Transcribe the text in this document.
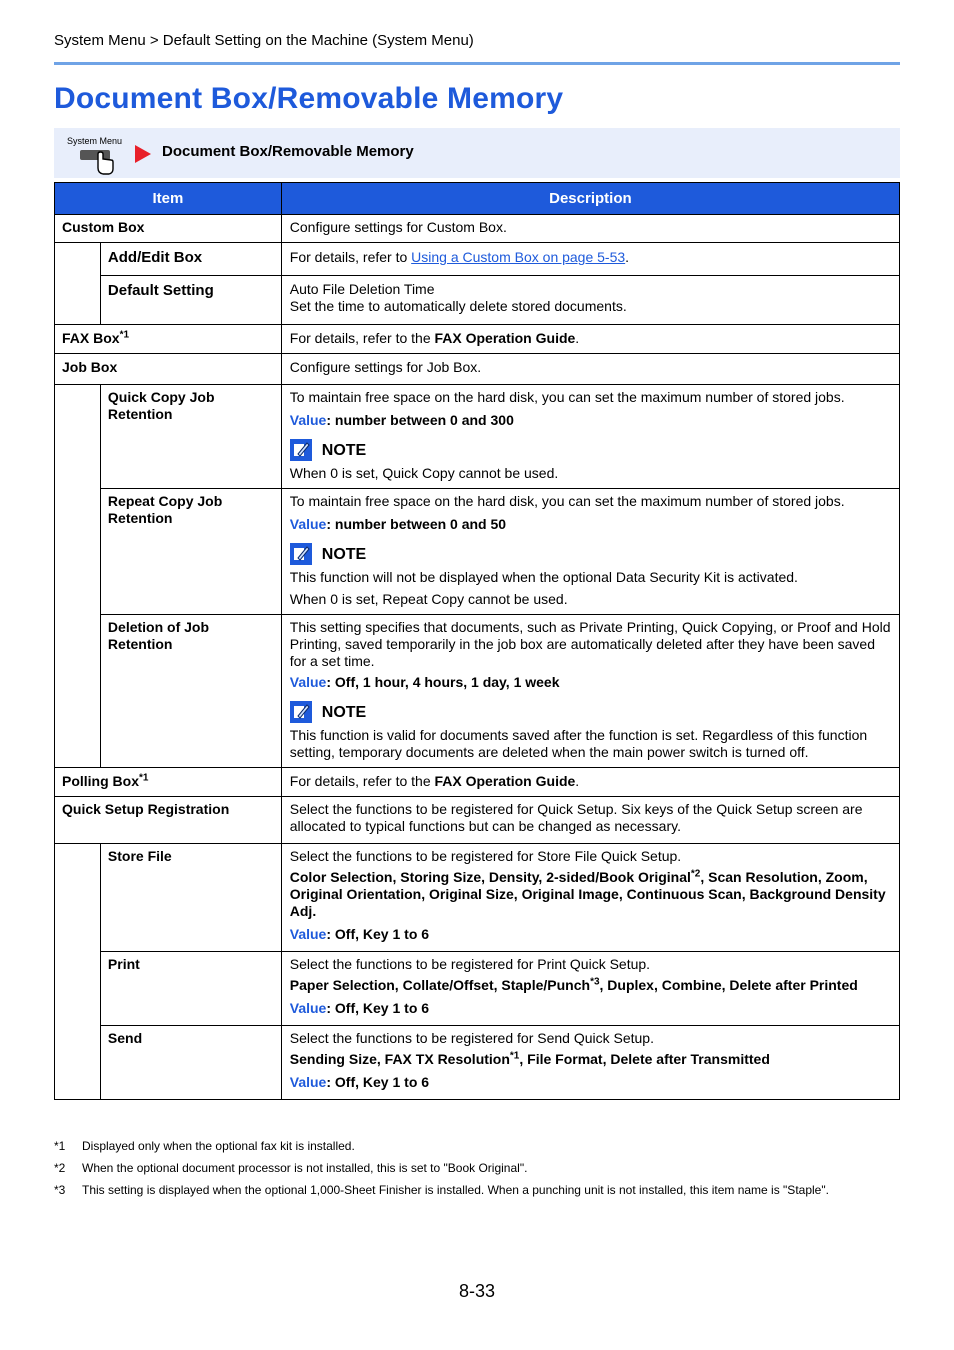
System Menu > Default Setting on the Machine (System Menu)
Document Box/Removable Memory
System Menu
Document Box/Removable Memory
Item		Description
Custom Box		Configure settings for Custom Box.
	Add/Edit Box	For details, refer to Using a Custom Box on page 5-53.
	Default Setting	Auto File Deletion Time

Set the time to automatically delete stored documents.

FAX Box$^{*1}$		For details, refer to the FAX Operation Guide.
Job Box		Configure settings for Job Box.
	Quick Copy Job Retention	To maintain free space on the hard disk, you can set the maximum number of stored jobs.

Value: number between 0 and 300

NOTE

When 0 is set, Quick Copy cannot be used.

	Repeat Copy Job Retention	To maintain free space on the hard disk, you can set the maximum number of stored jobs.

Value: number between 0 and 50

NOTE

This function will not be displayed when the optional Data Security Kit is activated.

When 0 is set, Repeat Copy cannot be used.

	Deletion of Job Retention	This setting specifies that documents, such as Private Printing, Quick Copying, or Proof and Hold Printing, saved temporarily in the job box are automatically deleted after they have been saved for a set time.

Value: Off, 1 hour, 4 hours, 1 day, 1 week

NOTE

This function is valid for documents saved after the function is set. Regardless of this function setting, temporary documents are deleted when the main power switch is turned off.

Polling Box$^{*1}$		For details, refer to the FAX Operation Guide.
Quick Setup Registration		Select the functions to be registered for Quick Setup. Six keys of the Quick Setup screen are allocated to typical functions but can be changed as necessary.
	Store File	Select the functions to be registered for Store File Quick Setup.

Color Selection, Storing Size, Density, 2-sided/Book Original$^{*2}$, Scan Resolution, Zoom, Original Orientation, Original Size, Original Image, Continuous Scan, Background Density Adj.

Value: Off, Key 1 to 6

	Print	Select the functions to be registered for Print Quick Setup.

Paper Selection, Collate/Offset, Staple/Punch$^{*3}$, Duplex, Combine, Delete after Printed

Value: Off, Key 1 to 6

	Send	Select the functions to be registered for Send Quick Setup.

Sending Size, FAX TX Resolution$^{*1}$, File Format, Delete after Transmitted

Value: Off, Key 1 to 6

*1	Displayed only when the optional fax kit is installed.
*2	When the optional document processor is not installed, this is set to "Book Original".
*3	This setting is displayed when the optional 1,000-Sheet Finisher is installed. When a punching unit is not installed, this item name is "Staple".
8-33
